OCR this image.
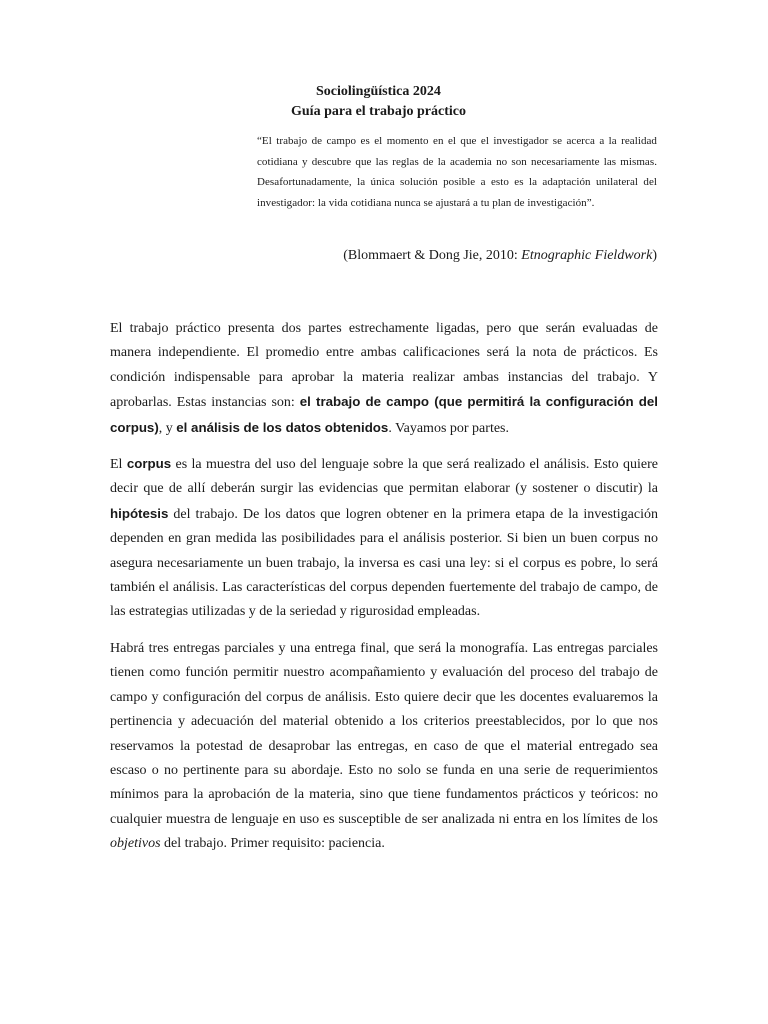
Sociolingüística 2024
Guía para el trabajo práctico
“El trabajo de campo es el momento en el que el investigador se acerca a la realidad cotidiana y descubre que las reglas de la academia no son necesariamente las mismas. Desafortunadamente, la única solución posible a esto es la adaptación unilateral del investigador: la vida cotidiana nunca se ajustará a tu plan de investigación”.
(Blommaert & Dong Jie, 2010: Etnographic Fieldwork)

El trabajo práctico presenta dos partes estrechamente ligadas, pero que serán evaluadas de manera independiente. El promedio entre ambas calificaciones será la nota de prácticos. Es condición indispensable para aprobar la materia realizar ambas instancias del trabajo. Y aprobarlas. Estas instancias son: el trabajo de campo (que permitirá la configuración del corpus), y el análisis de los datos obtenidos. Vayamos por partes.

El corpus es la muestra del uso del lenguaje sobre la que será realizado el análisis. Esto quiere decir que de allí deberán surgir las evidencias que permitan elaborar (y sostener o discutir) la hipótesis del trabajo. De los datos que logren obtener en la primera etapa de la investigación dependen en gran medida las posibilidades para el análisis posterior. Si bien un buen corpus no asegura necesariamente un buen trabajo, la inversa es casi una ley: si el corpus es pobre, lo será también el análisis. Las características del corpus dependen fuertemente del trabajo de campo, de las estrategias utilizadas y de la seriedad y rigurosidad empleadas.

Habrá tres entregas parciales y una entrega final, que será la monografía. Las entregas parciales tienen como función permitir nuestro acompañamiento y evaluación del proceso del trabajo de campo y configuración del corpus de análisis. Esto quiere decir que les docentes evaluaremos la pertinencia y adecuación del material obtenido a los criterios preestablecidos, por lo que nos reservamos la potestad de desaprobar las entregas, en caso de que el material entregado sea escaso o no pertinente para su abordaje. Esto no solo se funda en una serie de requerimientos mínimos para la aprobación de la materia, sino que tiene fundamentos prácticos y teóricos: no cualquier muestra de lenguaje en uso es susceptible de ser analizada ni entra en los límites de los objetivos del trabajo. Primer requisito: paciencia.
